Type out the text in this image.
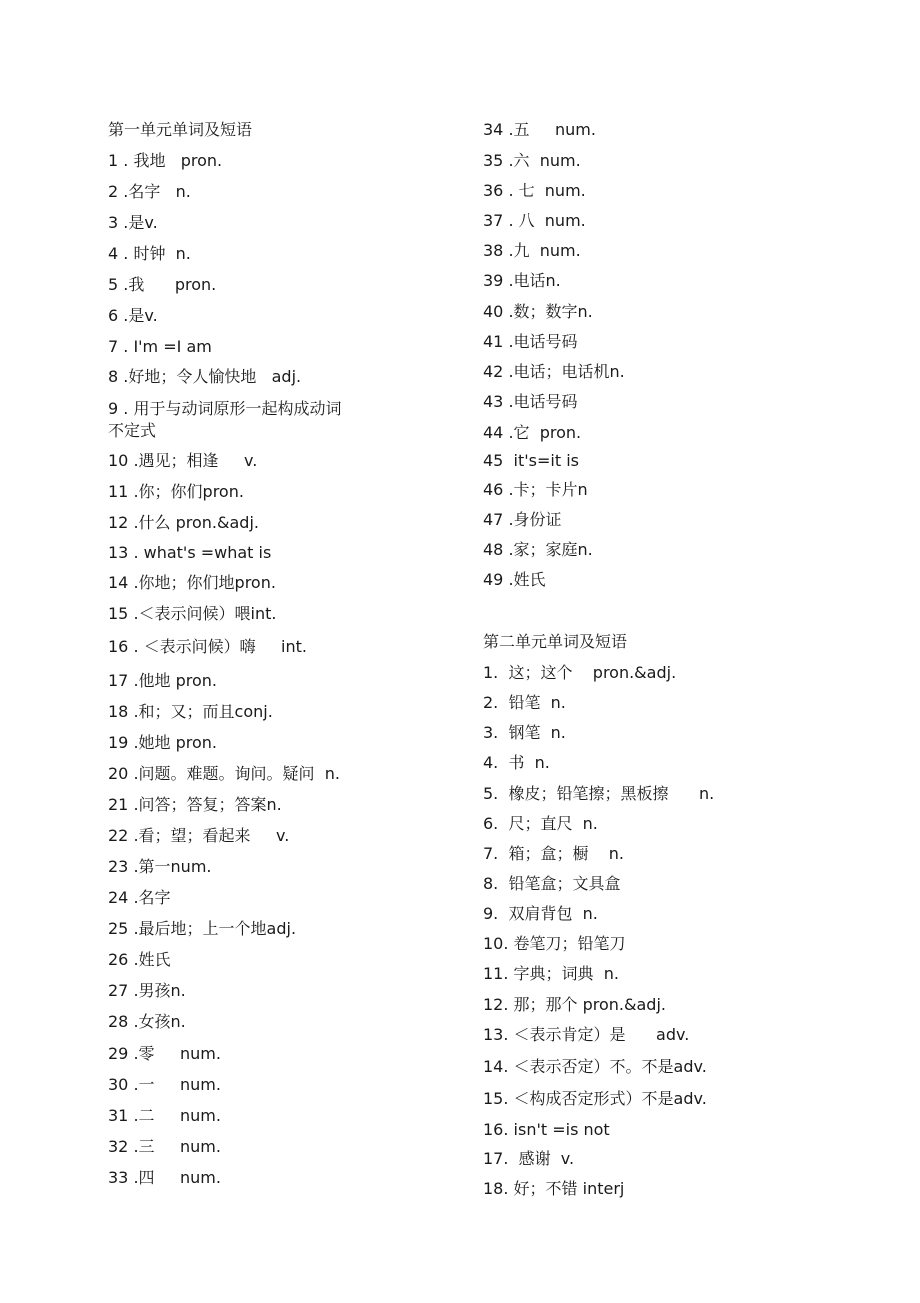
第一单元单词及短语
1 . 我地   pron.
2 .名字   n.
3 .是v.
4 . 时钟  n.
5 .我      pron.
6 .是v.
7 . I'm =I am
8 .好地；令人愉快地   adj.
9 . 用于与动词原形一起构成动词不定式
10 .遇见；相逢     v.
11 .你；你们pron.
12 .什么 pron.&adj.
13 . what's =what is
14 .你地；你们地pron.
15 .＜表示问候）喂int.
16 . ＜表示问候）嗨     int.
17 .他地 pron.
18 .和；又；而且conj.
19 .她地 pron.
20 .问题。难题。询问。疑问  n.
21 .问答；答复；答案n.
22 .看；望；看起来     v.
23 .第一num.
24 .名字
25 .最后地；上一个地adj.
26 .姓氏
27 .男孩n.
28 .女孩n.
29 .零     num.
30 .一     num.
31 .二     num.
32 .三     num.
33 .四     num.
34 .五     num.
35 .六  num.
36 . 七  num.
37 . 八  num.
38 .九  num.
39 .电话n.
40 .数；数字n.
41 .电话号码
42 .电话；电话机n.
43 .电话号码
44 .它  pron.
45  it's=it is
46 .卡；卡片n
47 .身份证
48 .家；家庭n.
49 .姓氏
第二单元单词及短语
1.  这；这个    pron.&adj.
2.  铅笔  n.
3.  钢笔  n.
4.  书  n.
5.  橡皮；铅笔擦；黑板擦      n.
6.  尺；直尺  n.
7.  箱；盒；橱    n.
8.  铅笔盒；文具盒
9.  双肩背包  n.
10. 卷笔刀；铅笔刀
11. 字典；词典  n.
12. 那；那个 pron.&adj.
13. ＜表示肯定）是      adv.
14. ＜表示否定）不。不是adv.
15. ＜构成否定形式）不是adv.
16. isn't =is not
17.  感谢  v.
18. 好；不错 interj
